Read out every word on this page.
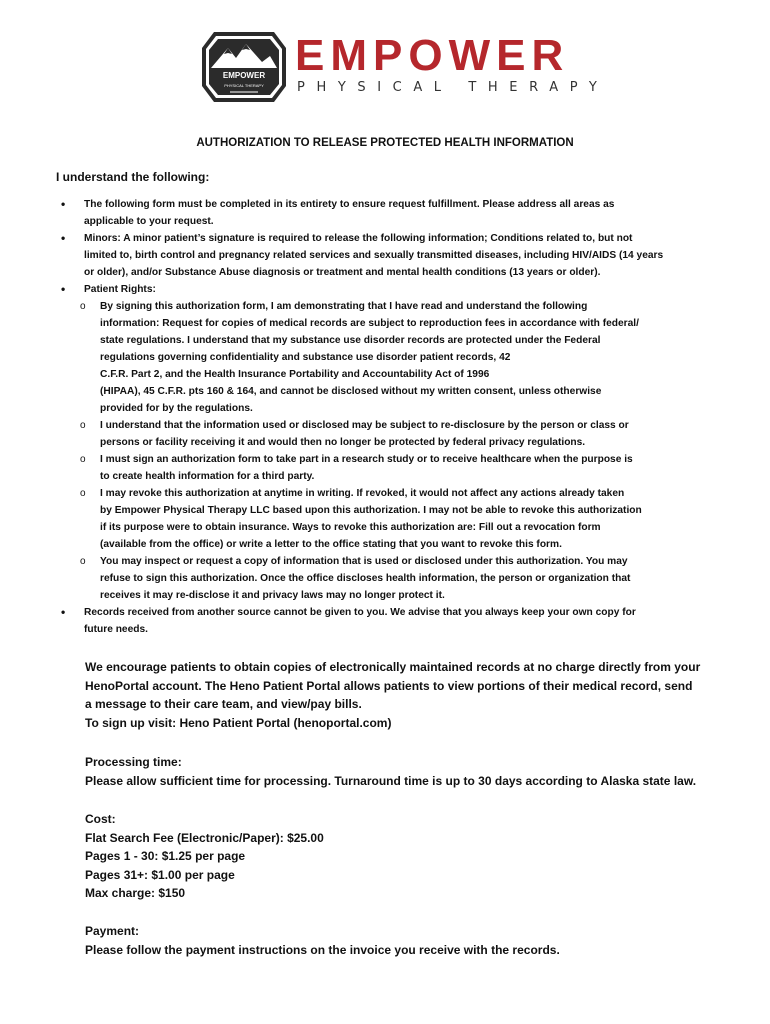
EMPOWER
PHYSICAL THERAPY
EMPOWER
PHYSICAL THERAPY
AUTHORIZATION TO RELEASE PROTECTED HEALTH INFORMATION
I understand the following:
• The following form must be completed in its entirety to ensure request fulfillment. Please address all areas as
applicable to your request.
• Minors: A minor patient’s signature is required to release the following information; Conditions related to, but not
limited to, birth control and pregnancy related services and sexually transmitted diseases, including HIV/AIDS (14 years
or older), and/or Substance Abuse diagnosis or treatment and mental health conditions (13 years or older).
• Patient Rights:
o By signing this authorization form, I am demonstrating that I have read and understand the following
information: Request for copies of medical records are subject to reproduction fees in accordance with federal/
state regulations. I understand that my substance use disorder records are protected under the Federal
regulations governing confidentiality and substance use disorder patient records, 42
C.F.R. Part 2, and the Health Insurance Portability and Accountability Act of 1996
(HIPAA), 45 C.F.R. pts 160 & 164, and cannot be disclosed without my written consent, unless otherwise
provided for by the regulations.
o I understand that the information used or disclosed may be subject to re-disclosure by the person or class or
persons or facility receiving it and would then no longer be protected by federal privacy regulations.
o I must sign an authorization form to take part in a research study or to receive healthcare when the purpose is
to create health information for a third party.
o I may revoke this authorization at anytime in writing. If revoked, it would not affect any actions already taken
by Empower Physical Therapy LLC based upon this authorization. I may not be able to revoke this authorization
if its purpose were to obtain insurance. Ways to revoke this authorization are: Fill out a revocation form
(available from the office) or write a letter to the office stating that you want to revoke this form.
o You may inspect or request a copy of information that is used or disclosed under this authorization. You may
refuse to sign this authorization. Once the office discloses health information, the person or organization that
receives it may re-disclose it and privacy laws may no longer protect it.
• Records received from another source cannot be given to you. We advise that you always keep your own copy for
future needs.

We encourage patients to obtain copies of electronically maintained records at no charge directly from your

HenoPortal account. The Heno Patient Portal allows patients to view portions of their medical record, send

a message to their care team, and view/pay bills.

To sign up visit: Heno Patient Portal (henoportal.com)

Processing time:

Please allow sufficient time for processing. Turnaround time is up to 30 days according to Alaska state law.

Cost:

Flat Search Fee (Electronic/Paper): $25.00

Pages 1 - 30: $1.25 per page

Pages 31+: $1.00 per page

Max charge: $150

Payment:

Please follow the payment instructions on the invoice you receive with the records.
